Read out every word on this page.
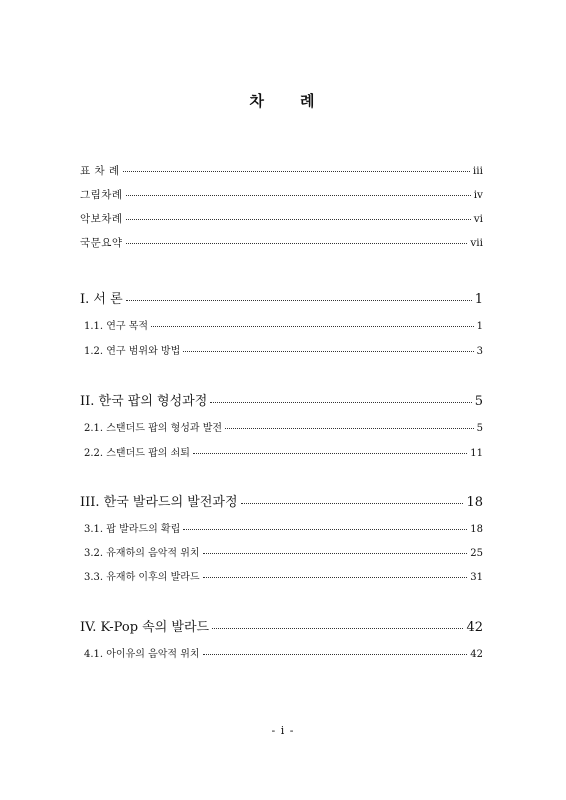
차　　례
표 차 례	iii
그림차례	iv
악보차례	vi
국문요약	vii
I. 서 론	1
1.1. 연구 목적	1
1.2. 연구 범위와 방법	3
II. 한국 팝의 형성과정	5
2.1. 스탠더드 팝의 형성과 발전	5
2.2. 스탠더드 팝의 쇠퇴	11
III. 한국 발라드의 발전과정	18
3.1. 팝 발라드의 확립	18
3.2. 유재하의 음악적 위치	25
3.3. 유재하 이후의 발라드	31
IV. K-Pop 속의 발라드	42
4.1. 아이유의 음악적 위치	42
- i -
